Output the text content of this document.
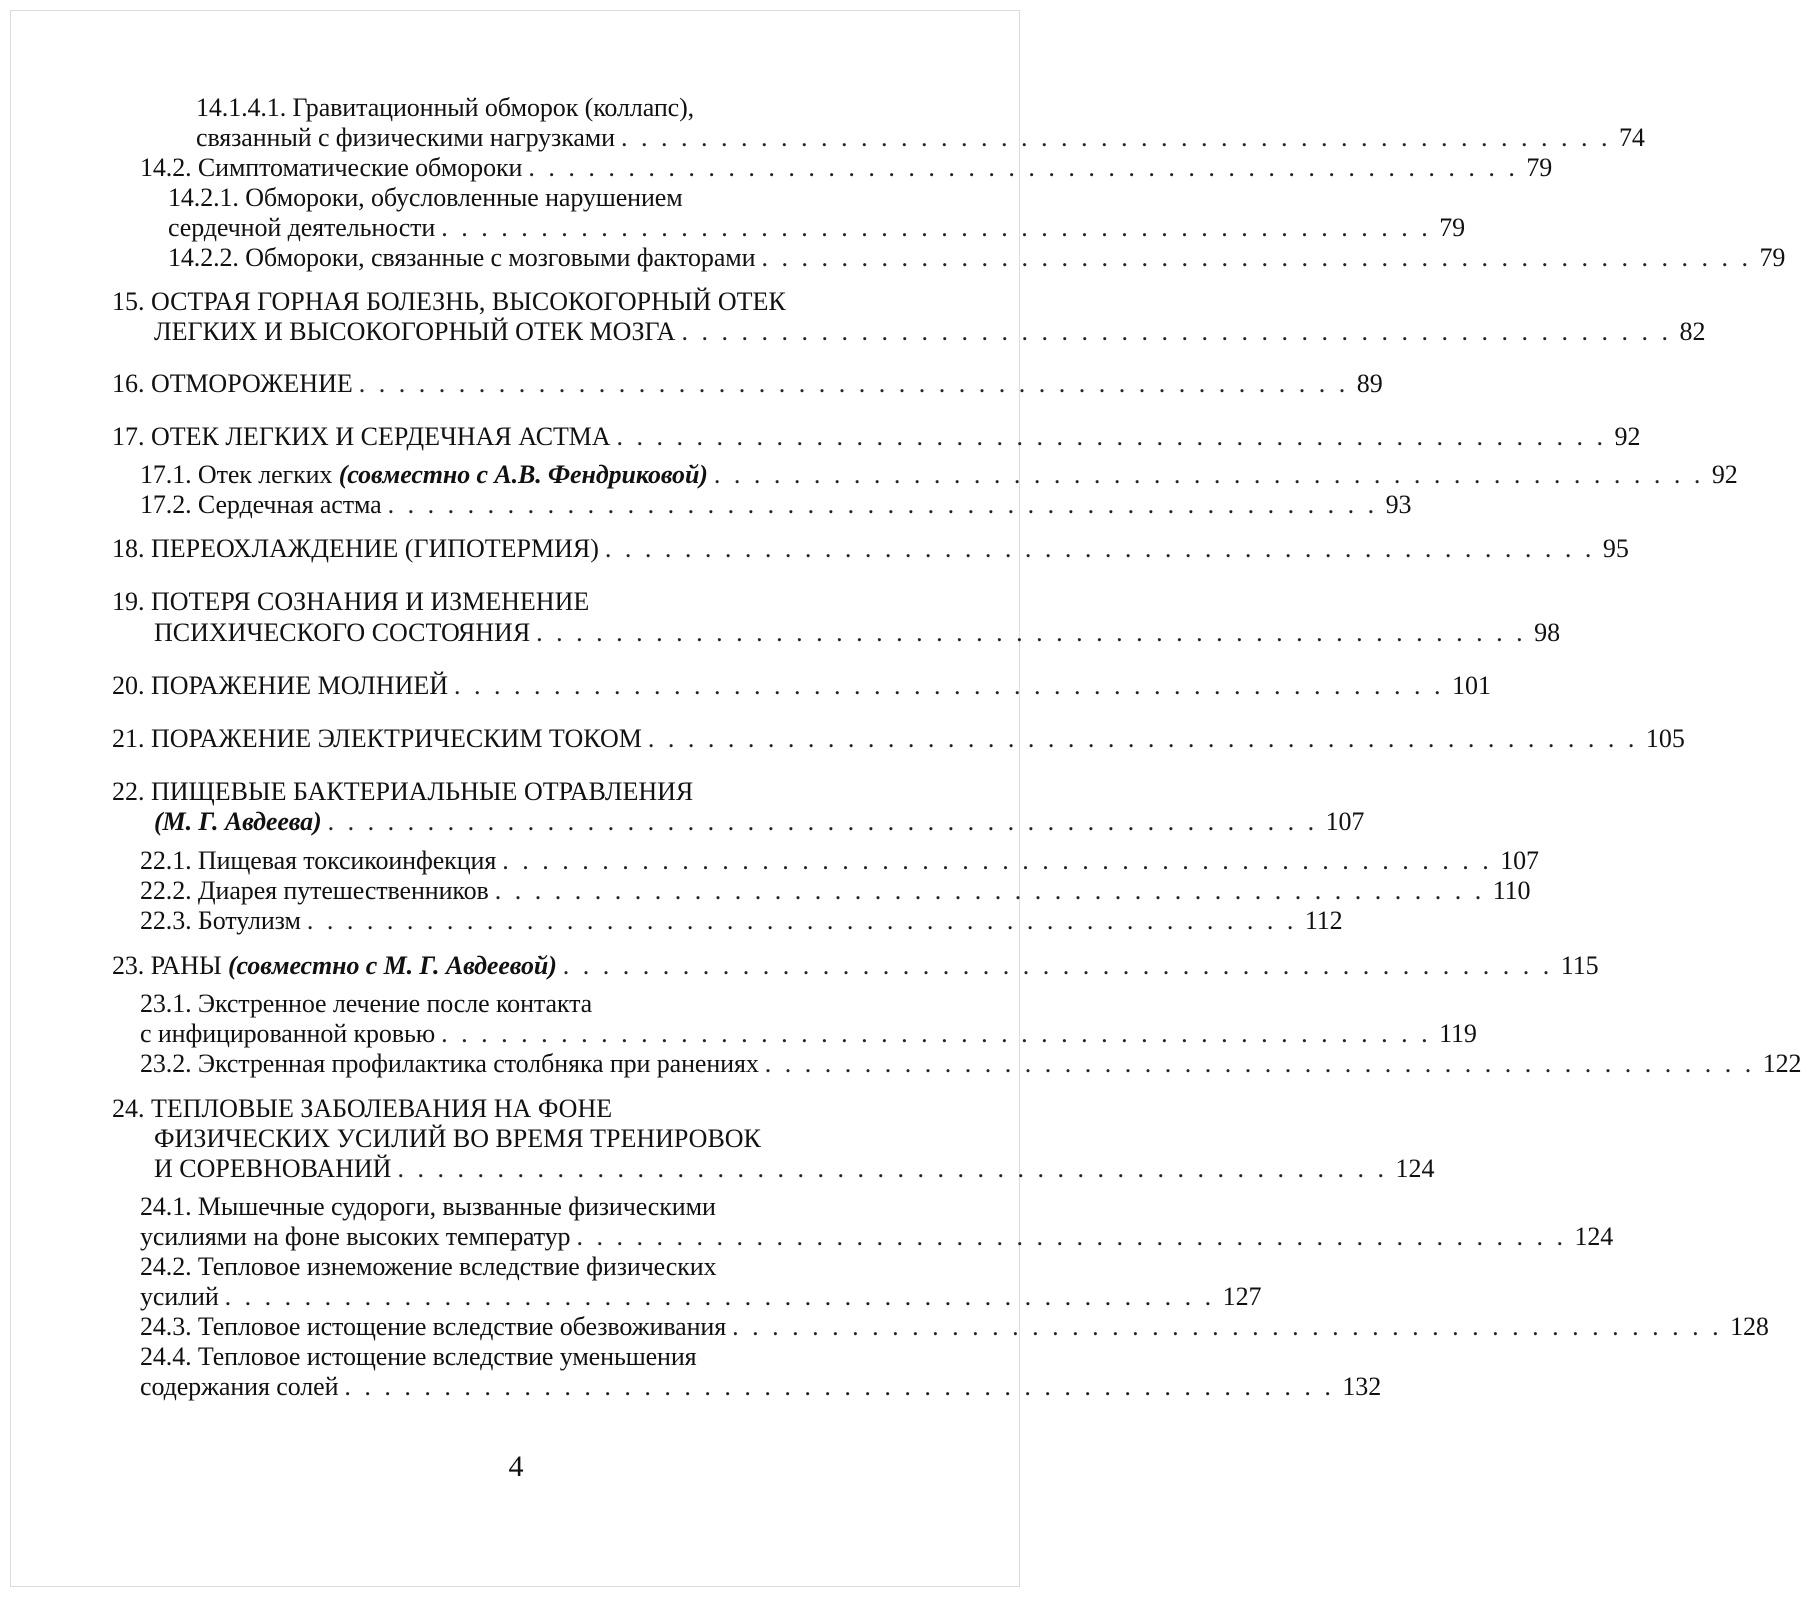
14.1.4.1. Гравитационный обморок (коллапс),
связанный с физическими нагрузками . . . . . . . . . . . . . . . . . . . . . . . . . . . . . . . . . . . . . . . . . . . . . . . . . . 74
14.2. Симптоматические обмороки . . . . . . . . . . . . . . . . . . . . . . . . . . . . . . . . . . . . . . . . . . . . . . . . . . 79
14.2.1. Обмороки, обусловленные нарушением
сердечной деятельности . . . . . . . . . . . . . . . . . . . . . . . . . . . . . . . . . . . . . . . . . . . . . . . . . . 79
14.2.2. Обмороки, связанные с мозговыми факторами . . . . . . . . . . . . . . . . . . . . . . . . . . . . . . . . . . . . . . . . . . . . . . . . . . 79
15. ОСТРАЯ ГОРНАЯ БОЛЕЗНЬ, ВЫСОКОГОРНЫЙ ОТЕК
ЛЕГКИХ И ВЫСОКОГОРНЫЙ ОТЕК МОЗГА . . . . . . . . . . . . . . . . . . . . . . . . . . . . . . . . . . . . . . . . . . . . . . . . . . 82
16. ОТМОРОЖЕНИЕ . . . . . . . . . . . . . . . . . . . . . . . . . . . . . . . . . . . . . . . . . . . . . . . . . . 89
17. ОТЕК ЛЕГКИХ И СЕРДЕЧНАЯ АСТМА . . . . . . . . . . . . . . . . . . . . . . . . . . . . . . . . . . . . . . . . . . . . . . . . . . 92
17.1. Отек легких (совместно с А.В. Фендриковой) . . . . . . . . . . . . . . . . . . . . . . . . . . . . . . . . . . . . . . . . . . . . . . . . . . 92
17.2. Сердечная астма . . . . . . . . . . . . . . . . . . . . . . . . . . . . . . . . . . . . . . . . . . . . . . . . . . 93
18. ПЕРЕОХЛАЖДЕНИЕ (ГИПОТЕРМИЯ) . . . . . . . . . . . . . . . . . . . . . . . . . . . . . . . . . . . . . . . . . . . . . . . . . . 95
19. ПОТЕРЯ СОЗНАНИЯ И ИЗМЕНЕНИЕ
ПСИХИЧЕСКОГО СОСТОЯНИЯ . . . . . . . . . . . . . . . . . . . . . . . . . . . . . . . . . . . . . . . . . . . . . . . . . . 98
20. ПОРАЖЕНИЕ МОЛНИЕЙ . . . . . . . . . . . . . . . . . . . . . . . . . . . . . . . . . . . . . . . . . . . . . . . . . . 101
21. ПОРАЖЕНИЕ ЭЛЕКТРИЧЕСКИМ ТОКОМ . . . . . . . . . . . . . . . . . . . . . . . . . . . . . . . . . . . . . . . . . . . . . . . . . . 105
22. ПИЩЕВЫЕ БАКТЕРИАЛЬНЫЕ ОТРАВЛЕНИЯ
(М. Г. Авдеева) . . . . . . . . . . . . . . . . . . . . . . . . . . . . . . . . . . . . . . . . . . . . . . . . . . 107
22.1. Пищевая токсикоинфекция . . . . . . . . . . . . . . . . . . . . . . . . . . . . . . . . . . . . . . . . . . . . . . . . . . 107
22.2. Диарея путешественников . . . . . . . . . . . . . . . . . . . . . . . . . . . . . . . . . . . . . . . . . . . . . . . . . . 110
22.3. Ботулизм . . . . . . . . . . . . . . . . . . . . . . . . . . . . . . . . . . . . . . . . . . . . . . . . . . 112
23. РАНЫ (совместно с М. Г. Авдеевой) . . . . . . . . . . . . . . . . . . . . . . . . . . . . . . . . . . . . . . . . . . . . . . . . . . 115
23.1. Экстренное лечение после контакта
с инфицированной кровью . . . . . . . . . . . . . . . . . . . . . . . . . . . . . . . . . . . . . . . . . . . . . . . . . . 119
23.2. Экстренная профилактика столбняка при ранениях . . . . . . . . . . . . . . . . . . . . . . . . . . . . . . . . . . . . . . . . . . . . . . . . . . 122
24. ТЕПЛОВЫЕ ЗАБОЛЕВАНИЯ НА ФОНЕ
ФИЗИЧЕСКИХ УСИЛИЙ ВО ВРЕМЯ ТРЕНИРОВОК
И СОРЕВНОВАНИЙ . . . . . . . . . . . . . . . . . . . . . . . . . . . . . . . . . . . . . . . . . . . . . . . . . . 124
24.1. Мышечные судороги, вызванные физическими
усилиями на фоне высоких температур . . . . . . . . . . . . . . . . . . . . . . . . . . . . . . . . . . . . . . . . . . . . . . . . . . 124
24.2. Тепловое изнеможение вследствие физических
усилий . . . . . . . . . . . . . . . . . . . . . . . . . . . . . . . . . . . . . . . . . . . . . . . . . . 127
24.3. Тепловое истощение вследствие обезвоживания . . . . . . . . . . . . . . . . . . . . . . . . . . . . . . . . . . . . . . . . . . . . . . . . . . 128
24.4. Тепловое истощение вследствие уменьшения
содержания солей . . . . . . . . . . . . . . . . . . . . . . . . . . . . . . . . . . . . . . . . . . . . . . . . . . 132
4
